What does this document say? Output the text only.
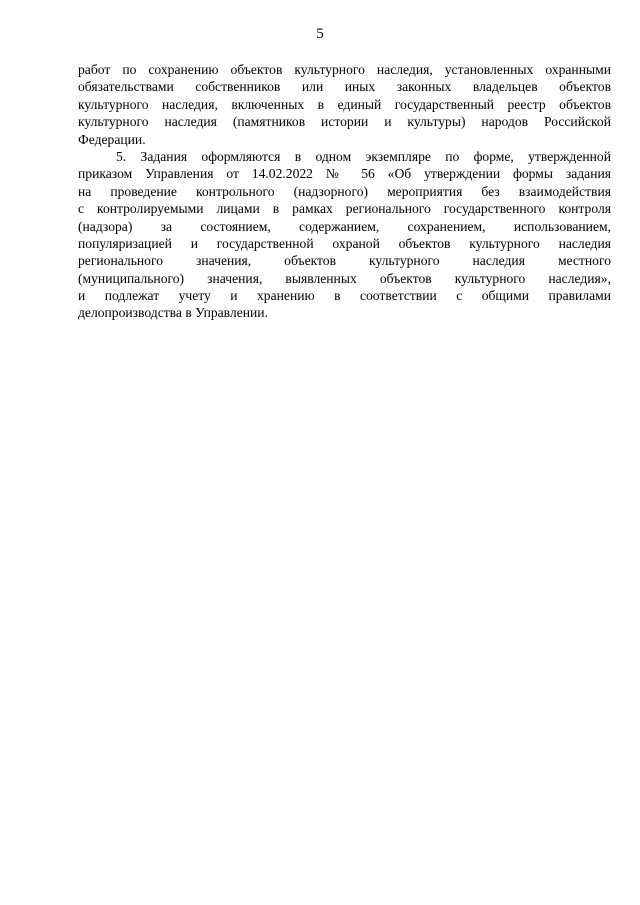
5
работ по сохранению объектов культурного наследия, установленных охранными
обязательствами собственников или иных законных владельцев объектов
культурного наследия, включенных в единый государственный реестр объектов
культурного наследия (памятников истории и культуры) народов Российской
Федерации.
5. Задания оформляются в одном экземпляре по форме, утвержденной
приказом Управления от 14.02.2022 № 56 «Об утверждении формы задания
на проведение контрольного (надзорного) мероприятия без взаимодействия
с контролируемыми лицами в рамках регионального государственного контроля
(надзора) за состоянием, содержанием, сохранением, использованием,
популяризацией и государственной охраной объектов культурного наследия
регионального значения, объектов культурного наследия местного
(муниципального) значения, выявленных объектов культурного наследия»,
и подлежат учету и хранению в соответствии с общими правилами
делопроизводства в Управлении.
